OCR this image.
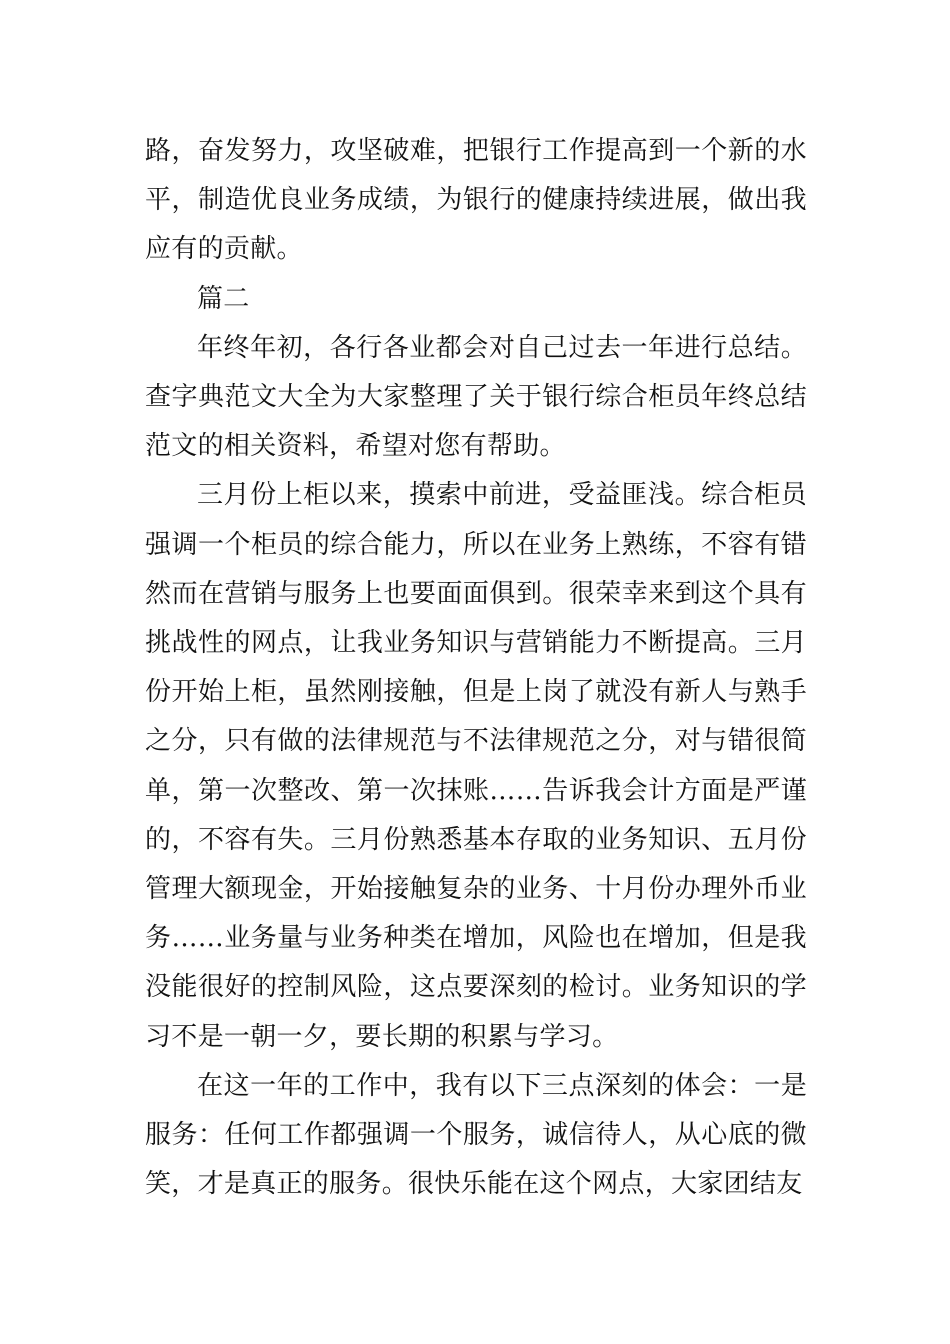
路，奋发努力，攻坚破难，把银行工作提高到一个新的水平，制造优良业务成绩，为银行的健康持续进展，做出我应有的贡献。

篇二

年终年初，各行各业都会对自己过去一年进行总结。查字典范文大全为大家整理了关于银行综合柜员年终总结范文的相关资料，希望对您有帮助。

三月份上柜以来，摸索中前进，受益匪浅。综合柜员强调一个柜员的综合能力，所以在业务上熟练，不容有错然而在营销与服务上也要面面俱到。很荣幸来到这个具有挑战性的网点，让我业务知识与营销能力不断提高。三月份开始上柜，虽然刚接触，但是上岗了就没有新人与熟手之分，只有做的法律规范与不法律规范之分，对与错很简单，第一次整改、第一次抹账……告诉我会计方面是严谨的，不容有失。三月份熟悉基本存取的业务知识、五月份管理大额现金，开始接触复杂的业务、十月份办理外币业务……业务量与业务种类在增加，风险也在增加，但是我没能很好的控制风险，这点要深刻的检讨。业务知识的学习不是一朝一夕，要长期的积累与学习。

在这一年的工作中，我有以下三点深刻的体会：一是服务：任何工作都强调一个服务，诚信待人，从心底的微笑，才是真正的服务。很快乐能在这个网点，大家团结友
